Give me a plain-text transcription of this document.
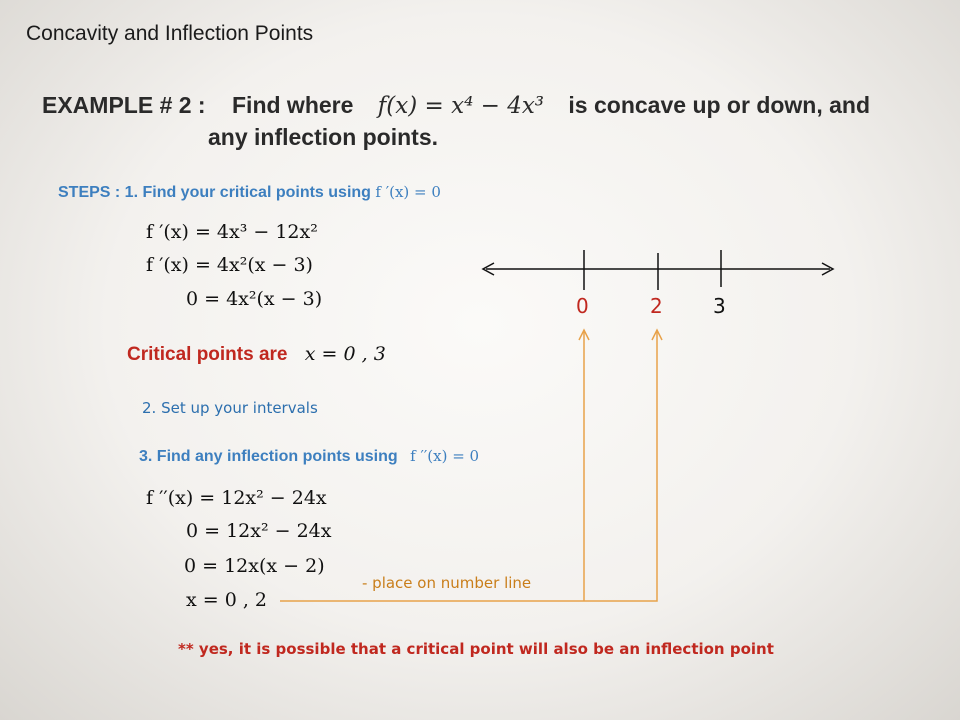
Concavity and Inflection Points
EXAMPLE # 2 : Find where f(x) = x⁴ − 4x³ is concave up or down, and
any inflection points.
STEPS : 1. Find your critical points using f ′(x) = 0
f ′(x) = 4x³ − 12x²
f ′(x) = 4x²(x − 3)
0 = 4x²(x − 3)
Critical points are x = 0 , 3
2. Set up your intervals
3. Find any inflection points using f ′′(x) = 0
f ′′(x) = 12x² − 24x
0 = 12x² − 24x
0 = 12x(x − 2)
x = 0 , 2
0	2	3
- place on number line
** yes, it is possible that a critical point will also be an inflection point
